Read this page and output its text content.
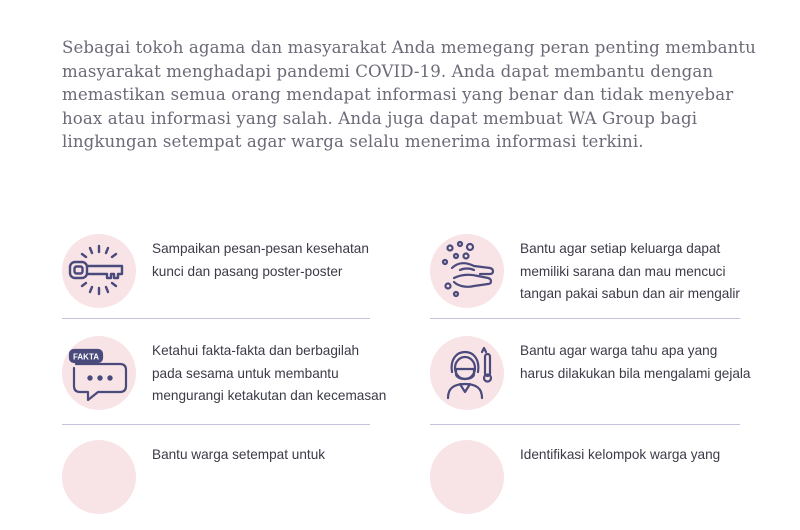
Sebagai tokoh agama dan masyarakat Anda memegang peran penting membantu masyarakat menghadapi pandemi COVID-19. Anda dapat membantu dengan memastikan semua orang mendapat informasi yang benar dan tidak menyebar hoax atau informasi yang salah. Anda juga dapat membuat WA Group bagi lingkungan setempat agar warga selalu menerima informasi terkini.

Sampaikan pesan-pesan kesehatan kunci dan pasang poster-poster

Bantu agar setiap keluarga dapat memiliki sarana dan mau mencuci tangan pakai sabun dan air mengalir

FAKTA	Ketahui fakta-fakta dan berbagilah pada sesama untuk membantu mengurangi ketakutan dan kecemasan

Bantu agar warga tahu apa yang harus dilakukan bila mengalami gejala

Bantu warga setempat untuk	Identifikasi kelompok warga yang
